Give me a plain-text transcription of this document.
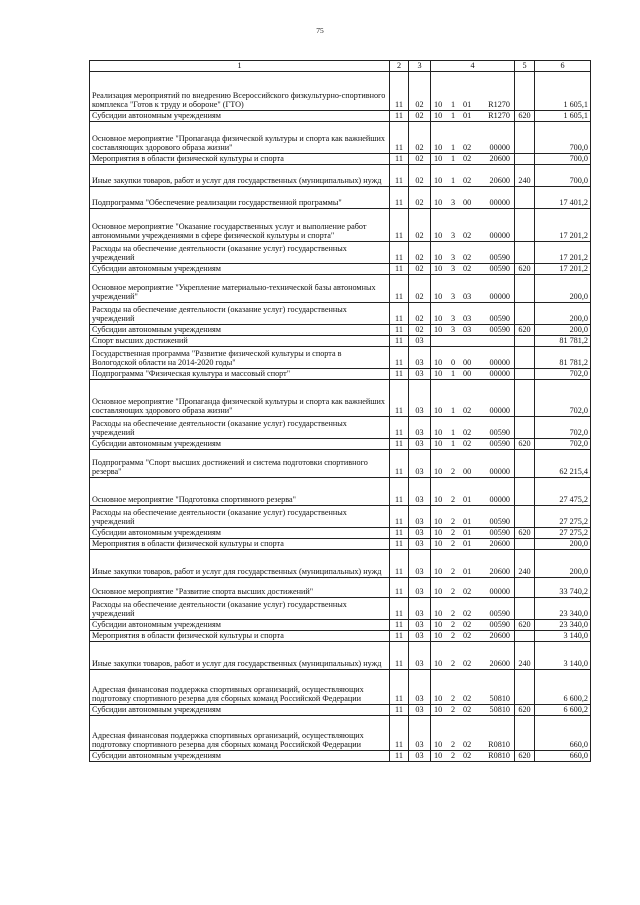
75
1	2	3	4	5	6
Реализация мероприятий по внедрению Всероссийского физкультурно-спортивного комплекса "Готов к труду и обороне" (ГТО)	11	02	10 1 01 R1270		1 605,1
Субсидии автономным учреждениям	11	02	10 1 01 R1270	620	1 605,1
Основное мероприятие "Пропаганда физической культуры и спорта как важнейших составляющих здорового образа жизни"	11	02	10 1 02 00000		700,0
Мероприятия в области физической культуры и спорта	11	02	10 1 02 20600		700,0
Иные закупки товаров, работ и услуг для государственных (муниципальных) нужд	11	02	10 1 02 20600	240	700,0
Подпрограмма "Обеспечение реализации государственной программы"	11	02	10 3 00 00000		17 401,2
Основное мероприятие "Оказание государственных услуг и выполнение работ автономными учреждениями в сфере физической культуры и спорта"	11	02	10 3 02 00000		17 201,2
Расходы на обеспечение деятельности (оказание услуг) государственных учреждений	11	02	10 3 02 00590		17 201,2
Субсидии автономным учреждениям	11	02	10 3 02 00590	620	17 201,2
Основное мероприятие "Укрепление материально-технической базы автономных учреждений"	11	02	10 3 03 00000		200,0
Расходы на обеспечение деятельности (оказание услуг) государственных учреждений	11	02	10 3 03 00590		200,0
Субсидии автономным учреждениям	11	02	10 3 03 00590	620	200,0
Спорт высших достижений	11	03			81 781,2
Государственная программа "Развитие физической культуры и спорта в Вологодской области на 2014-2020 годы"	11	03	10 0 00 00000		81 781,2
Подпрограмма "Физическая культура и массовый спорт"	11	03	10 1 00 00000		702,0
Основное мероприятие "Пропаганда физической культуры и спорта как важнейших составляющих здорового образа жизни"	11	03	10 1 02 00000		702,0
Расходы на обеспечение деятельности (оказание услуг) государственных учреждений	11	03	10 1 02 00590		702,0
Субсидии автономным учреждениям	11	03	10 1 02 00590	620	702,0
Подпрограмма "Спорт высших достижений и система подготовки спортивного резерва"	11	03	10 2 00 00000		62 215,4
Основное мероприятие "Подготовка спортивного резерва"	11	03	10 2 01 00000		27 475,2
Расходы на обеспечение деятельности (оказание услуг) государственных учреждений	11	03	10 2 01 00590		27 275,2
Субсидии автономным учреждениям	11	03	10 2 01 00590	620	27 275,2
Мероприятия в области физической культуры и спорта	11	03	10 2 01 20600		200,0
Иные закупки товаров, работ и услуг для государственных (муниципальных) нужд	11	03	10 2 01 20600	240	200,0
Основное мероприятие "Развитие спорта высших достижений"	11	03	10 2 02 00000		33 740,2
Расходы на обеспечение деятельности (оказание услуг) государственных учреждений	11	03	10 2 02 00590		23 340,0
Субсидии автономным учреждениям	11	03	10 2 02 00590	620	23 340,0
Мероприятия в области физической культуры и спорта	11	03	10 2 02 20600		3 140,0
Иные закупки товаров, работ и услуг для государственных (муниципальных) нужд	11	03	10 2 02 20600	240	3 140,0
Адресная финансовая поддержка спортивных организаций, осуществляющих подготовку спортивного резерва для сборных команд Российской Федерации	11	03	10 2 02 50810		6 600,2
Субсидии автономным учреждениям	11	03	10 2 02 50810	620	6 600,2
Адресная финансовая поддержка спортивных организаций, осуществляющих подготовку спортивного резерва для сборных команд Российской Федерации	11	03	10 2 02 R0810		660,0
Субсидии автономным учреждениям	11	03	10 2 02 R0810	620	660,0
